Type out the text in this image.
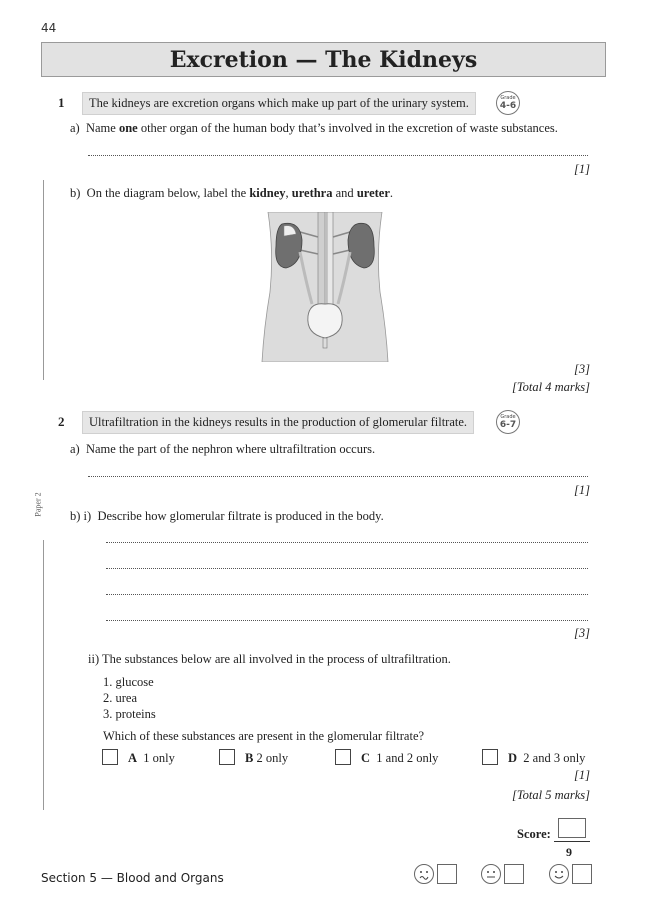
44
Excretion — The Kidneys
1	The kidneys are excretion organs which make up part of the urinary system.	Grade
4-6
a) Name one other organ of the human body that’s involved in the excretion of waste substances.
[1]
b) On the diagram below, label the kidney, urethra and ureter.
[3]
[Total 4 marks]
2	Ultrafiltration in the kidneys results in the production of glomerular filtrate.	Grade
6-7
a) Name the part of the nephron where ultrafiltration occurs.
[1]
Paper 2 b) i) Describe how glomerular filtrate is produced in the body.
[3]
ii) The substances below are all involved in the process of ultrafiltration.
1. glucose
2. urea
3. proteins
Which of these substances are present in the glomerular filtrate?
A 1 only	B 2 only	C 1 and 2 only	D 2 and 3 only
[1]
[Total 5 marks]
Score:
9
Section 5 — Blood and Organs
